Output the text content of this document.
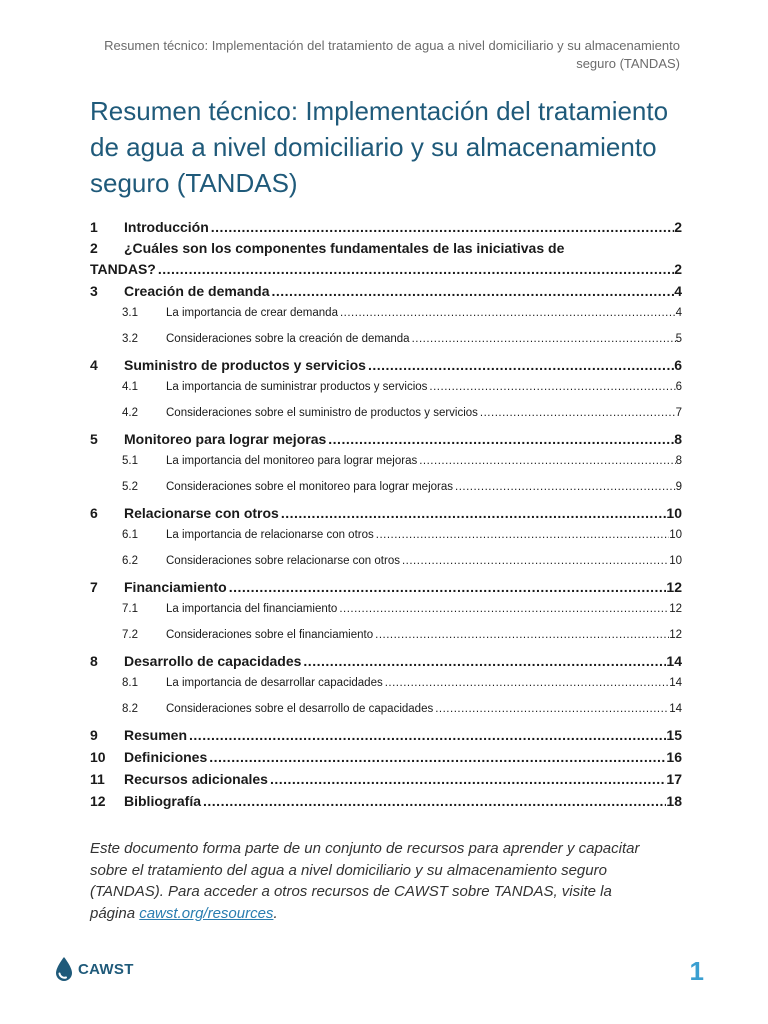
Resumen técnico: Implementación del tratamiento de agua a nivel domiciliario y su almacenamiento seguro (TANDAS)
Resumen técnico: Implementación del tratamiento de agua a nivel domiciliario y su almacenamiento seguro (TANDAS)
1	Introducción .....	2
2 ¿Cuáles son los componentes fundamentales de las iniciativas de
TANDAS? .....	2
3	Creación de demanda .....	4
3.1	La importancia de crear demanda .....	4
3.2	Consideraciones sobre la creación de demanda .....	5
4	Suministro de productos y servicios .....	6
4.1	La importancia de suministrar productos y servicios .....	6
4.2	Consideraciones sobre el suministro de productos y servicios .....	7
5	Monitoreo para lograr mejoras .....	8
5.1	La importancia del monitoreo para lograr mejoras .....	8
5.2	Consideraciones sobre el monitoreo para lograr mejoras .....	9
6	Relacionarse con otros .....	10
6.1	La importancia de relacionarse con otros .....	10
6.2	Consideraciones sobre relacionarse con otros .....	10
7	Financiamiento .....	12
7.1	La importancia del financiamiento .....	12
7.2	Consideraciones sobre el financiamiento .....	12
8	Desarrollo de capacidades .....	14
8.1	La importancia de desarrollar capacidades .....	14
8.2	Consideraciones sobre el desarrollo de capacidades .....	14
9	Resumen .....	15
10	Definiciones .....	16
11	Recursos adicionales .....	17
12	Bibliografía .....	18
Este documento forma parte de un conjunto de recursos para aprender y capacitar sobre el tratamiento del agua a nivel domiciliario y su almacenamiento seguro (TANDAS). Para acceder a otros recursos de CAWST sobre TANDAS, visite la página cawst.org/resources.
CAWST	1
